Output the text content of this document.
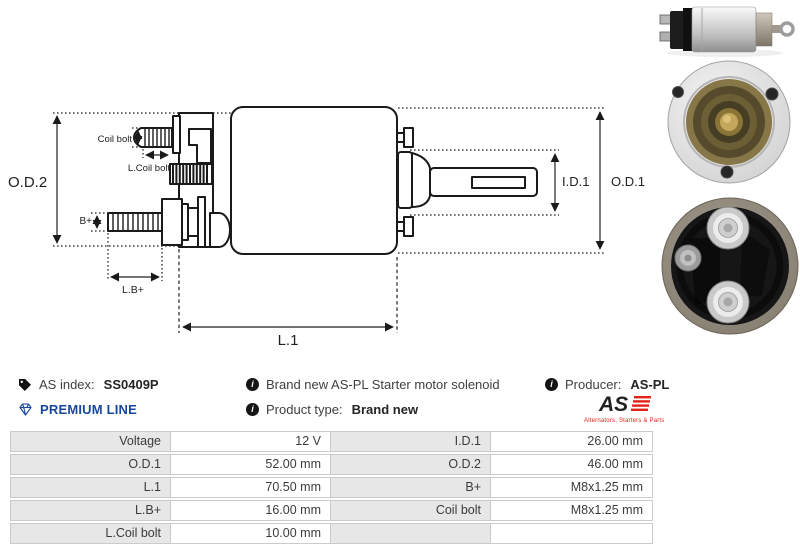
O.D.2
Coil bolt
L.Coil bolt
B+
L.B+
L.1
I.D.1 O.D.1
AS index: SS0409P	i Brand new AS-PL Starter motor solenoid	i Producer: AS-PL
PREMIUM LINE	i Product type: Brand new	AS
Alternators, Starters & Parts
Voltage	12 V	I.D.1	26.00 mm
O.D.1	52.00 mm	O.D.2	46.00 mm
L.1	70.50 mm	B+	M8x1.25 mm
L.B+	16.00 mm	Coil bolt	M8x1.25 mm
L.Coil bolt	10.00 mm
